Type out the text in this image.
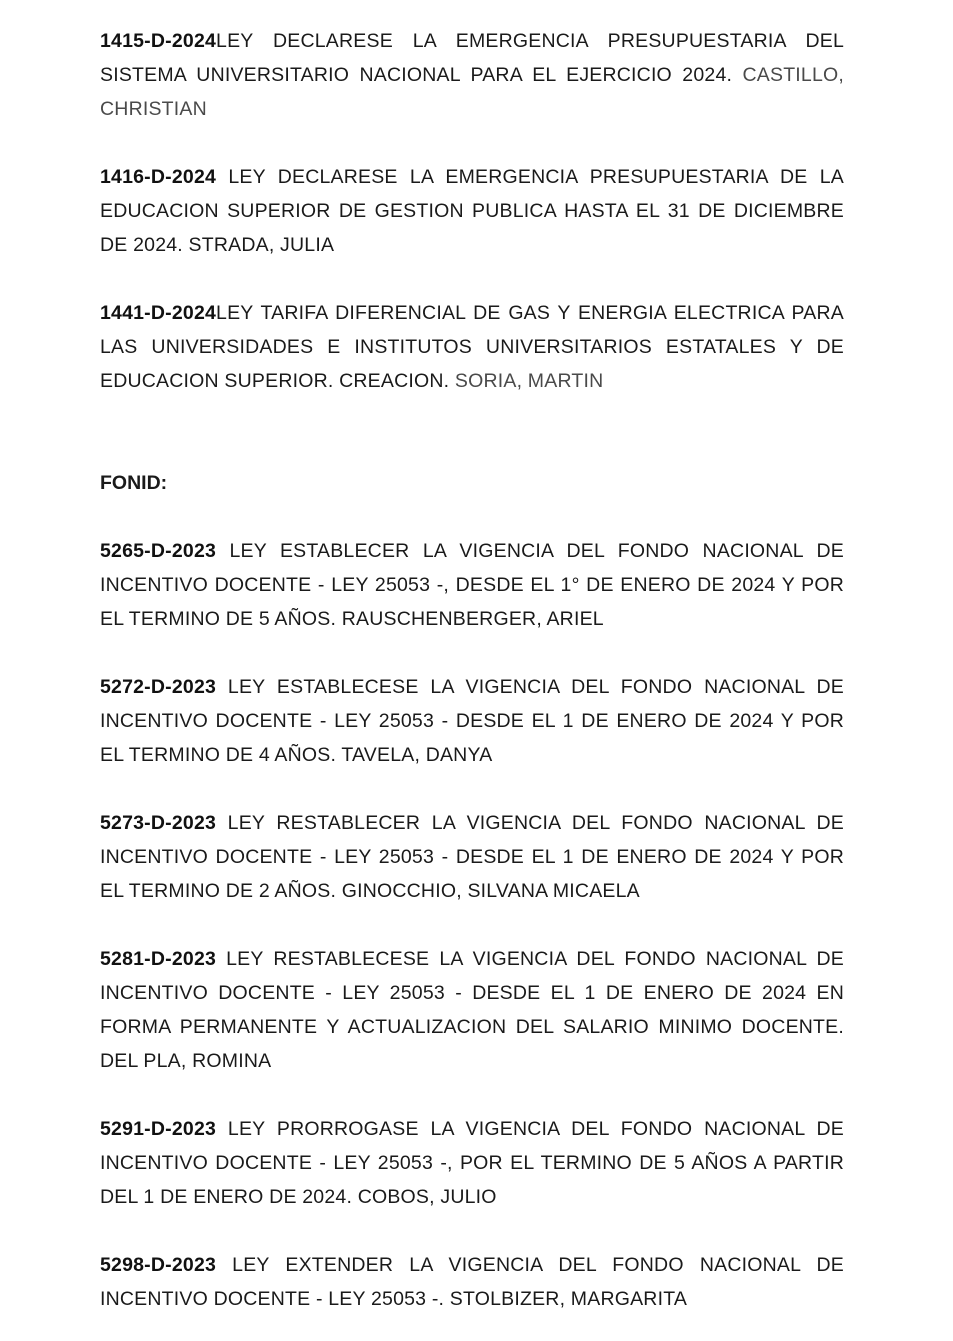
1415-D-2024LEY DECLARESE LA EMERGENCIA PRESUPUESTARIA DEL SISTEMA UNIVERSITARIO NACIONAL PARA EL EJERCICIO 2024. CASTILLO, CHRISTIAN

1416-D-2024 LEY DECLARESE LA EMERGENCIA PRESUPUESTARIA DE LA EDUCACION SUPERIOR DE GESTION PUBLICA HASTA EL 31 DE DICIEMBRE DE 2024. STRADA, JULIA

1441-D-2024LEY TARIFA DIFERENCIAL DE GAS Y ENERGIA ELECTRICA PARA LAS UNIVERSIDADES E INSTITUTOS UNIVERSITARIOS ESTATALES Y DE EDUCACION SUPERIOR. CREACION. SORIA, MARTIN

FONID:

5265-D-2023 LEY ESTABLECER LA VIGENCIA DEL FONDO NACIONAL DE INCENTIVO DOCENTE - LEY 25053 -, DESDE EL 1° DE ENERO DE 2024 Y POR EL TERMINO DE 5 AÑOS. RAUSCHENBERGER, ARIEL

5272-D-2023 LEY ESTABLECESE LA VIGENCIA DEL FONDO NACIONAL DE INCENTIVO DOCENTE - LEY 25053 - DESDE EL 1 DE ENERO DE 2024 Y POR EL TERMINO DE 4 AÑOS. TAVELA, DANYA

5273-D-2023 LEY RESTABLECER LA VIGENCIA DEL FONDO NACIONAL DE INCENTIVO DOCENTE - LEY 25053 - DESDE EL 1 DE ENERO DE 2024 Y POR EL TERMINO DE 2 AÑOS. GINOCCHIO, SILVANA MICAELA

5281-D-2023 LEY RESTABLECESE LA VIGENCIA DEL FONDO NACIONAL DE INCENTIVO DOCENTE - LEY 25053 - DESDE EL 1 DE ENERO DE 2024 EN FORMA PERMANENTE Y ACTUALIZACION DEL SALARIO MINIMO DOCENTE. DEL PLA, ROMINA

5291-D-2023 LEY PRORROGASE LA VIGENCIA DEL FONDO NACIONAL DE INCENTIVO DOCENTE - LEY 25053 -, POR EL TERMINO DE 5 AÑOS A PARTIR DEL 1 DE ENERO DE 2024. COBOS, JULIO

5298-D-2023 LEY EXTENDER LA VIGENCIA DEL FONDO NACIONAL DE INCENTIVO DOCENTE - LEY 25053 -. STOLBIZER, MARGARITA
